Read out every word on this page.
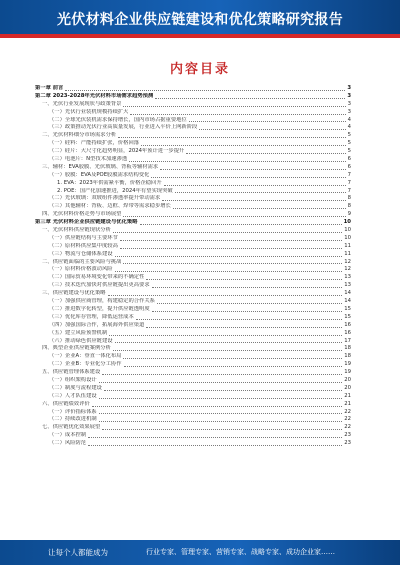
光伏材料企业供应链建设和优化策略研究报告
内容目录
第一章 前言	3
第二章 2023-2028年光伏材料市场需求趋势预测	3
一、光伏行业发展现状与政策背景	3
（一）光伏行业装机规模持续扩大	3
（二）全球光伏装机需求保持增长，国内市场占据重要地位	4
（三）政策推动光伏行业高质量发展，行业进入平价上网新阶段	4
二、光伏材料细分市场需求分析	5
（一）硅料：产能持续扩张，价格回落	5
（二）硅片：大尺寸化趋势明显，2024年预计进一步提升	5
（三）电池片：N型技术加速渗透	6
三、辅材：EVA胶膜、光伏玻璃、背板等辅材需求	6
（一）胶膜：EVA及POE胶膜需求结构变化	7
1. EVA：2023年供需紧平衡，价格企稳回升	7
2. POE：国产化加速推进，2024年有望实现突破	7
（二）光伏玻璃：双玻组件渗透率提升带动需求	8
（三）其他辅材：背板、边框、焊带等需求稳步增长	8
四、光伏材料价格走势与市场展望	9
第三章 光伏材料企业供应链建设与优化策略	10
一、光伏材料供应链现状分析	10
（一）供应链结构与主要环节	10
（二）原材料供应集中度较高	11
（三）物流与仓储体系建设	11
二、供应链面临的主要风险与挑战	12
（一）原材料价格波动风险	12
（二）国际贸易环境变化带来的不确定性	13
（三）技术迭代加快对供应链提出更高要求	13
三、供应链建设与优化策略	14
（一）加强供应商管理，构建稳定的合作关系	14
（二）推进数字化转型，提升供应链透明度	15
（三）优化库存管理，降低运营成本	15
（四）加强国际合作，拓展海外供应渠道	16
（五）建立风险预警机制	16
（六）推动绿色供应链建设	17
四、典型企业供应链案例分析	18
（一）企业A：垂直一体化布局	18
（二）企业B：专业化分工协作	19
五、供应链管理体系建设	19
（一）组织架构设计	20
（二）制度与流程建设	20
（三）人才队伍建设	21
六、供应链绩效评价	21
（一）评价指标体系	22
（二）持续改进机制	22
七、供应链优化效果展望	22
（一）成本控制	23
（二）风险防范	23
让每个人都能成为	行业专家、管理专家、营销专家、战略专家、成功企业家……
